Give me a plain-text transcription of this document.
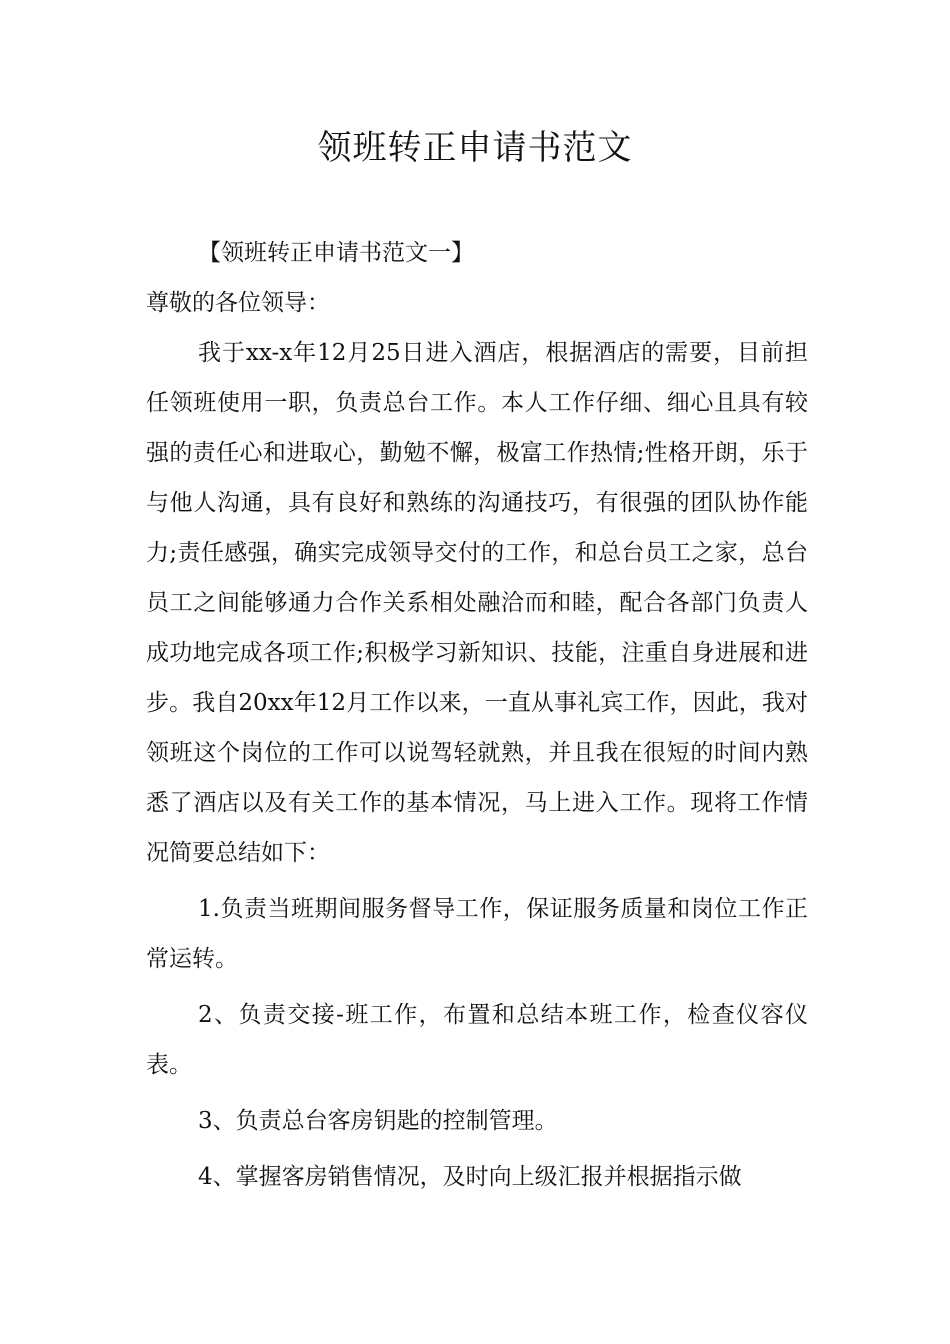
领班转正申请书范文

【领班转正申请书范文一】

尊敬的各位领导：

我于xx-x年12月25日进入酒店，根据酒店的需要，目前担任领班使用一职，负责总台工作。本人工作仔细、细心且具有较强的责任心和进取心，勤勉不懈，极富工作热情;性格开朗，乐于与他人沟通，具有良好和熟练的沟通技巧，有很强的团队协作能力;责任感强，确实完成领导交付的工作，和总台员工之家，总台员工之间能够通力合作关系相处融洽而和睦，配合各部门负责人成功地完成各项工作;积极学习新知识、技能，注重自身进展和进步。我自20xx年12月工作以来，一直从事礼宾工作，因此，我对领班这个岗位的工作可以说驾轻就熟，并且我在很短的时间内熟悉了酒店以及有关工作的基本情况，马上进入工作。现将工作情况简要总结如下：

1.负责当班期间服务督导工作，保证服务质量和岗位工作正常运转。

2、负责交接-班工作，布置和总结本班工作，检查仪容仪表。

3、负责总台客房钥匙的控制管理。

4、掌握客房销售情况，及时向上级汇报并根据指示做
